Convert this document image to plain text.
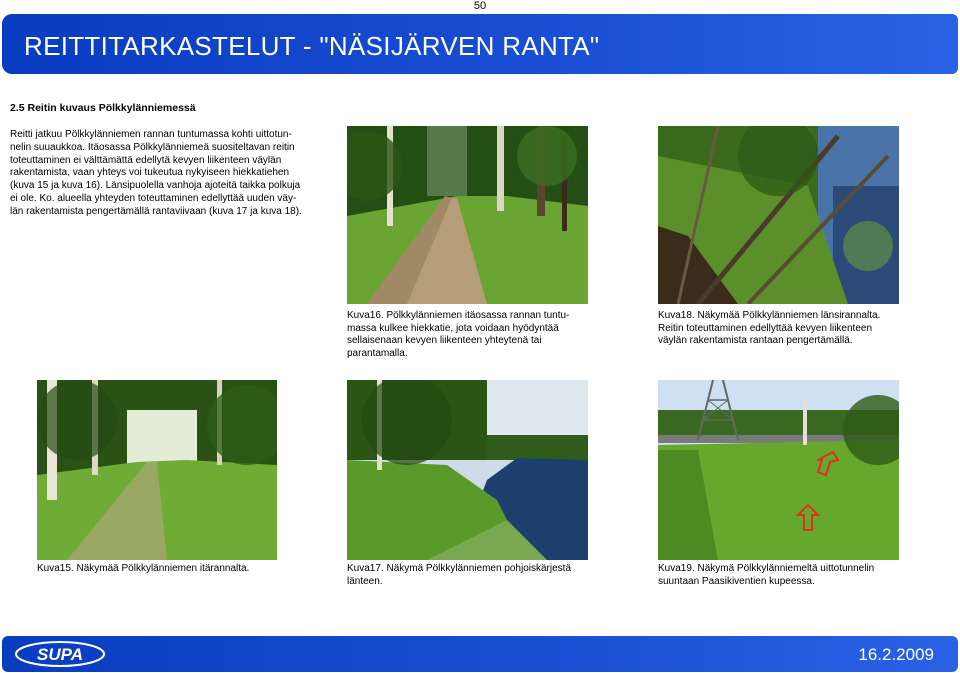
50
REITTITARKASTELUT - "NÄSIJÄRVEN RANTA"
2.5 Reitin kuvaus Pölkkylänniemessä
Reitti jatkuu Pölkkylänniemen rannan tuntumassa kohti uittotun-
nelin suuaukkoa. Itäosassa Pölkkylänniemeä suositeltavan reitin
toteuttaminen ei välttämättä edellytä kevyen liikenteen väylän
rakentamista, vaan yhteys voi tukeutua nykyiseen hiekkatiehen
(kuva 15 ja kuva 16). Länsipuolella vanhoja ajoteitä taikka polkuja
ei ole. Ko. alueella yhteyden toteuttaminen edellyttää uuden väy-
län rakentamista pengertämällä rantaviivaan (kuva 17 ja kuva 18).
Kuva16. Pölkkylänniemen itäosassa rannan tuntu-
massa kulkee hiekkatie, jota voidaan hyödyntää
sellaisenaan kevyen liikenteen yhteytenä tai
parantamalla.
Kuva18. Näkymää Pölkkylänniemen länsirannalta.
Reitin toteuttaminen edellyttää kevyen liikenteen
väylän rakentamista rantaan pengertämällä.
Kuva15. Näkymää Pölkkylänniemen itärannalta.	Kuva17. Näkymä Pölkkylänniemen pohjoiskärjestä
länteen.
Kuva19. Näkymä Pölkkylänniemeltä uittotunnelin
suuntaan Paasikiventien kupeessa.
SUPA	16.2.2009
